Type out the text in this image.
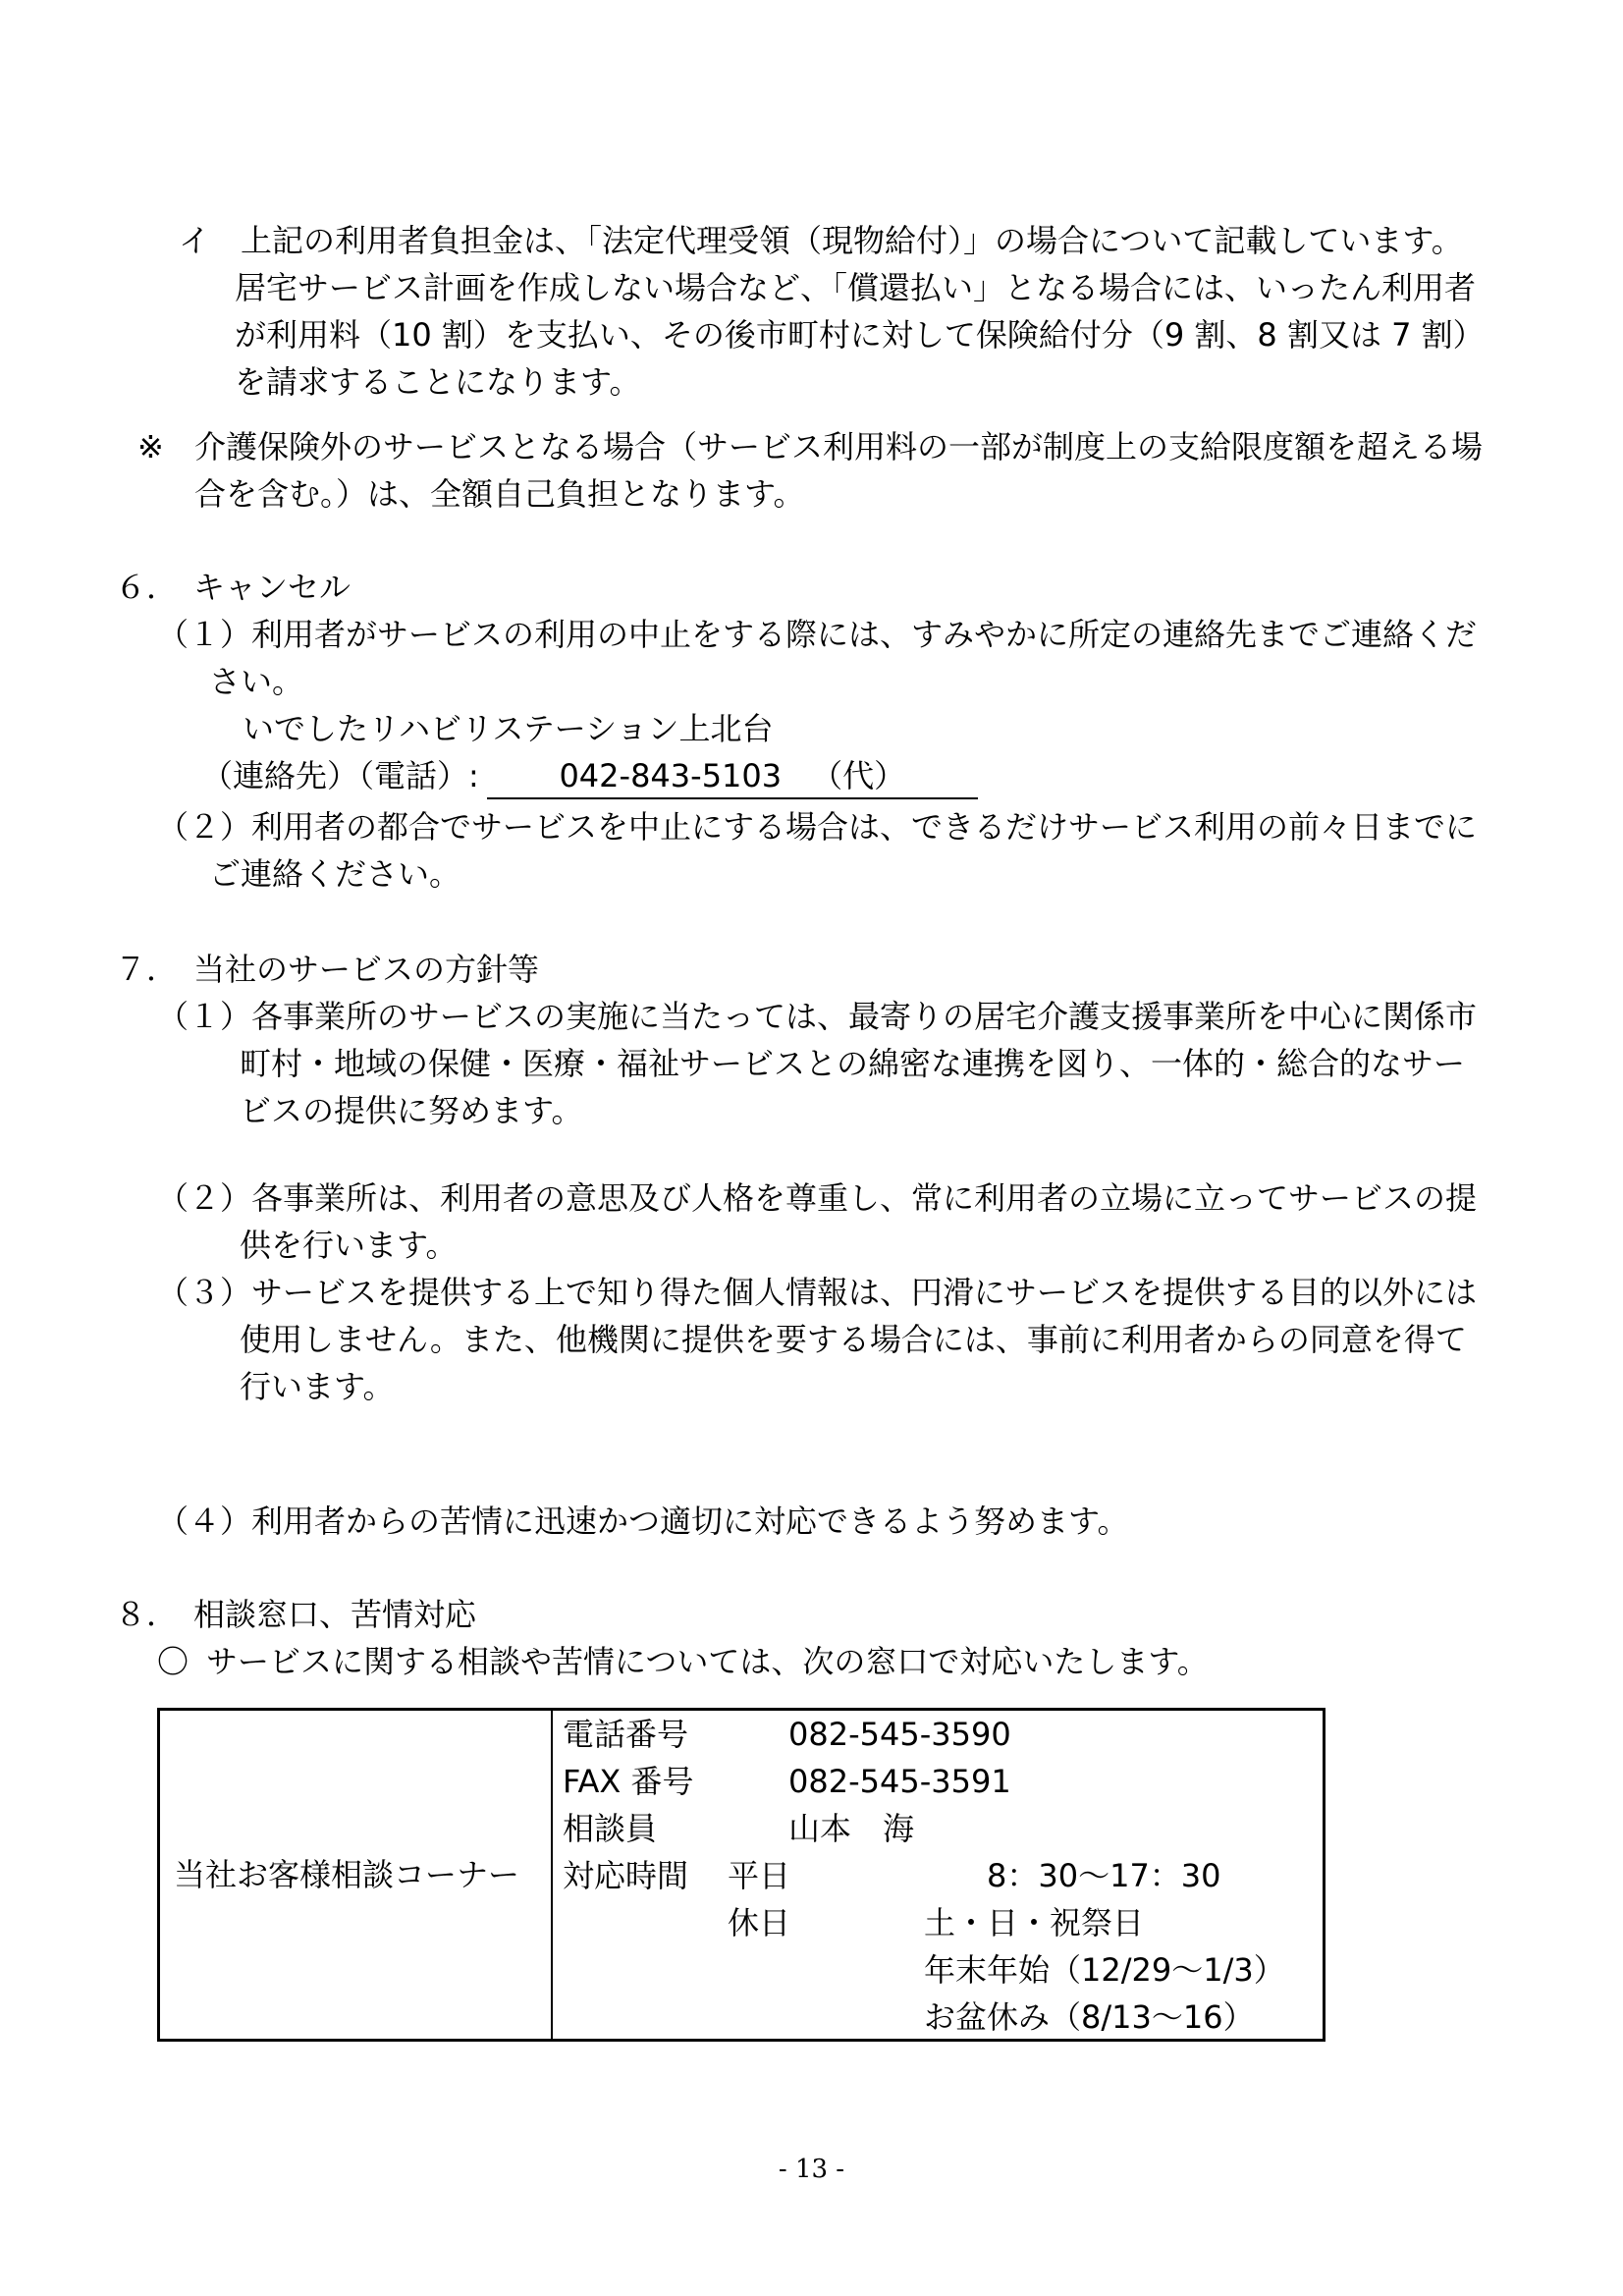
イ 上記の利用者負担金は、「法定代理受領（現物給付）」の場合について記載しています。
居宅サービス計画を作成しない場合など、「償還払い」となる場合には、いったん利用者
が利用料（10 割）を支払い、その後市町村に対して保険給付分（9 割、8 割又は 7 割）
を請求することになります。
※ 介護保険外のサービスとなる場合（サービス利用料の一部が制度上の支給限度額を超える場
合を含む。）は、全額自己負担となります。
６．　キャンセル
（１）利用者がサービスの利用の中止をする際には、すみやかに所定の連絡先までご連絡くだ
さい。
いでしたリハビリステーション上北台
（連絡先）（電話）:	042-843-5103 （代）
（２）利用者の都合でサービスを中止にする場合は、できるだけサービス利用の前々日までに
ご連絡ください。
７．　当社のサービスの方針等
（１）各事業所のサービスの実施に当たっては、最寄りの居宅介護支援事業所を中心に関係市
町村・地域の保健・医療・福祉サービスとの綿密な連携を図り、一体的・総合的なサー
ビスの提供に努めます。
（２）各事業所は、利用者の意思及び人格を尊重し、常に利用者の立場に立ってサービスの提
供を行います。
（３）サービスを提供する上で知り得た個人情報は、円滑にサービスを提供する目的以外には
使用しません。また、他機関に提供を要する場合には、事前に利用者からの同意を得て
行います。
（４）利用者からの苦情に迅速かつ適切に対応できるよう努めます。
８．　相談窓口、苦情対応
〇 サービスに関する相談や苦情については、次の窓口で対応いたします。
当社お客様相談コーナー
電話番号	082-545-3590
FAX 番号	082-545-3591
相談員	山本　海
対応時間	平日	8：30～17：30
休日	土・日・祝祭日
年末年始（12/29～1/3）
お盆休み（8/13～16）
- 13 -
